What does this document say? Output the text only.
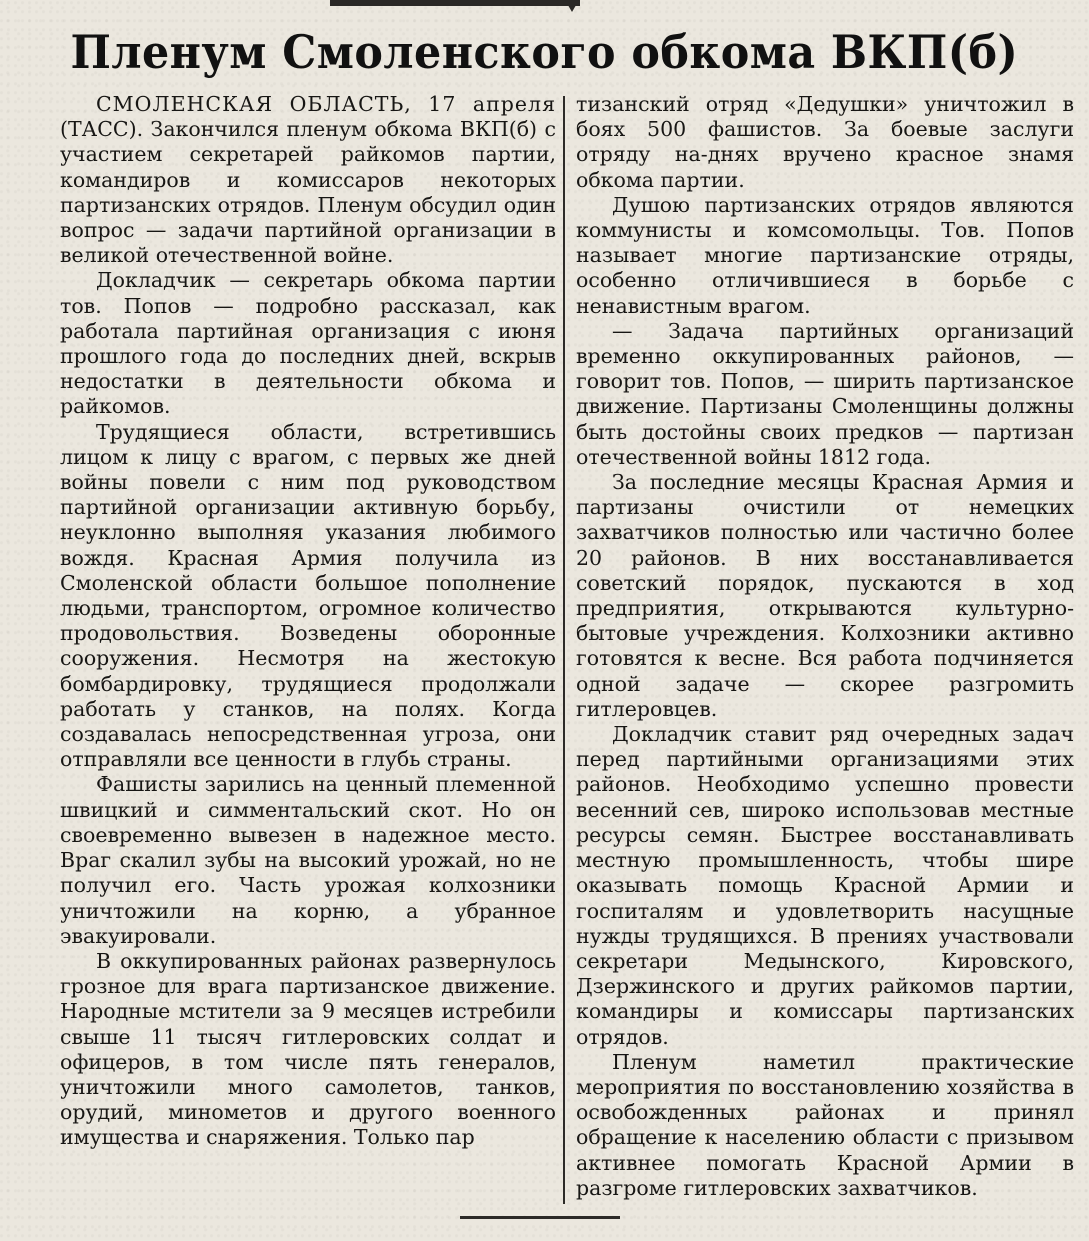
Пленум Смоленского обкома ВКП(б)

СМОЛЕНСКАЯ ОБЛАСТЬ, 17 апреля (ТАСС). Закончился пленум обкома ВКП(б) с участием секретарей райкомов партии, командиров и комиссаров некоторых партизанских отрядов. Пленум обсудил один вопрос — задачи партийной организации в великой отечественной войне.

Докладчик — секретарь обкома партии тов. Попов — подробно рассказал, как работала партийная организация с июня прошлого года до последних дней, вскрыв недостатки в деятельности обкома и райкомов.

Трудящиеся области, встретившись лицом к лицу с врагом, с первых же дней войны повели с ним под руководством партийной организации активную борьбу, неуклонно выполняя указания любимого вождя. Красная Армия получила из Смоленской области большое пополнение людьми, транспортом, огромное количество продовольствия. Возведены оборонные сооружения. Несмотря на жестокую бомбардировку, трудящиеся продолжали работать у станков, на полях. Когда создавалась непосредственная угроза, они отправляли все ценности в глубь страны.

Фашисты зарились на ценный племенной швицкий и симментальский скот. Но он своевременно вывезен в надежное место. Враг скалил зубы на высокий урожай, но не получил его. Часть урожая колхозники уничтожили на корню, а убранное эвакуировали.

В оккупированных районах развернулось грозное для врага партизанское движение. Народные мстители за 9 месяцев истребили свыше 11 тысяч гитлеровских солдат и офицеров, в том числе пять генералов, уничтожили много самолетов, танков, орудий, минометов и другого военного имущества и снаряжения. Только пар

тизанский отряд «Дедушки» уничтожил в боях 500 фашистов. За боевые заслуги отряду на-днях вручено красное знамя обкома партии.

Душою партизанских отрядов являются коммунисты и комсомольцы. Тов. Попов называет многие партизанские отряды, особенно отличившиеся в борьбе с ненавистным врагом.

— Задача партийных организаций временно оккупированных районов, — говорит тов. Попов, — ширить партизанское движение. Партизаны Смоленщины должны быть достойны своих предков — партизан отечественной войны 1812 года.

За последние месяцы Красная Армия и партизаны очистили от немецких захватчиков полностью или частично более 20 районов. В них восстанавливается советский порядок, пускаются в ход предприятия, открываются культурно-бытовые учреждения. Колхозники активно готовятся к весне. Вся работа подчиняется одной задаче — скорее разгромить гитлеровцев.

Докладчик ставит ряд очередных задач перед партийными организациями этих районов. Необходимо успешно провести весенний сев, широко использовав местные ресурсы семян. Быстрее восстанавливать местную промышленность, чтобы шире оказывать помощь Красной Армии и госпиталям и удовлетворить насущные нужды трудящихся. В прениях участвовали секретари Медынского, Кировского, Дзержинского и других райкомов партии, командиры и комиссары партизанских отрядов.

Пленум наметил практические мероприятия по восстановлению хозяйства в освобожденных районах и принял обращение к населению области с призывом активнее помогать Красной Армии в разгроме гитлеровских захватчиков.
